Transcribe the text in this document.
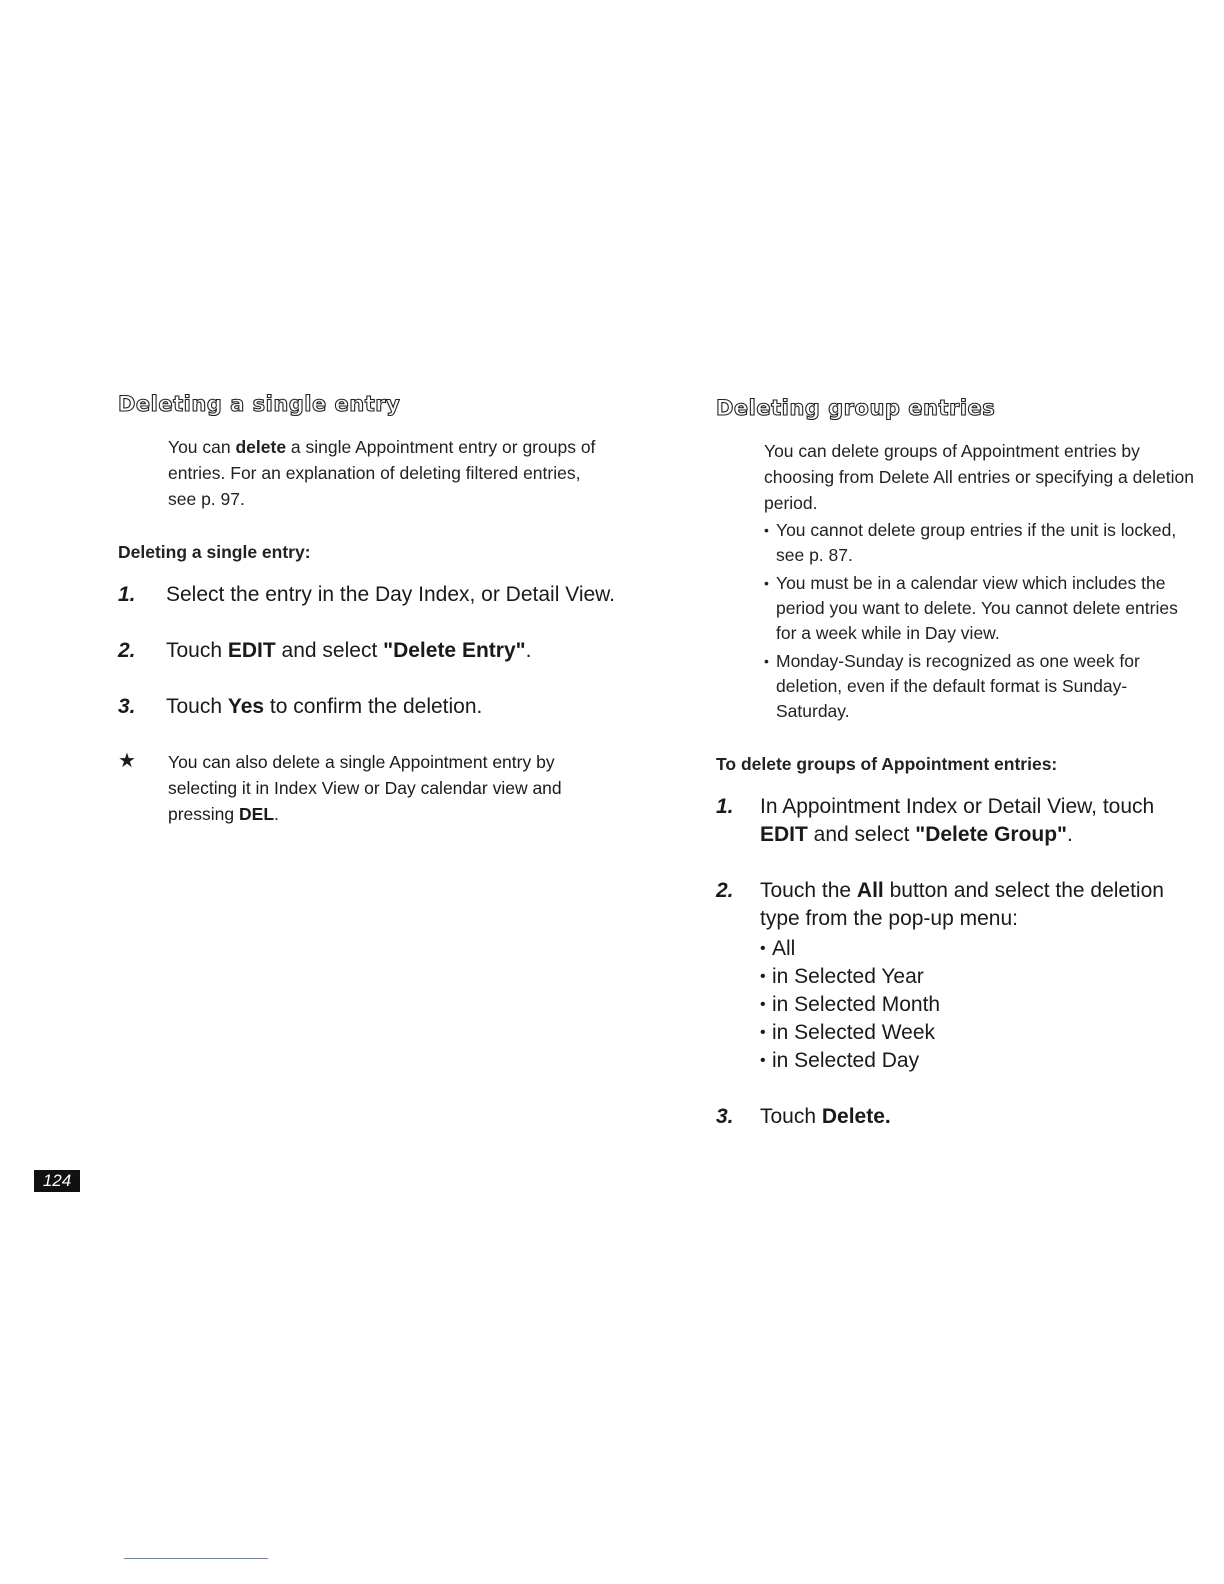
Deleting a single entry

You can delete a single Appointment entry or groups of entries. For an explanation of deleting filtered entries, see p. 97.

Deleting a single entry:

1. Select the entry in the Day Index, or Detail View.
2. Touch EDIT and select "Delete Entry".
3. Touch Yes to confirm the deletion.
★ You can also delete a single Appointment entry by selecting it in Index View or Day calendar view and pressing DEL.
Deleting group entries
You can delete groups of Appointment entries by choosing from Delete All entries or specifying a deletion period.
• You cannot delete group entries if the unit is locked, see p. 87.
• You must be in a calendar view which includes the period you want to delete. You cannot delete entries for a week while in Day view.
• Monday-Sunday is recognized as one week for deletion, even if the default format is Sunday-Saturday.

To delete groups of Appointment entries:

1. In Appointment Index or Detail View, touch EDIT and select "Delete Group".
2. Touch the All button and select the deletion type from the pop-up menu:
• All
• in Selected Year
• in Selected Month
• in Selected Week
• in Selected Day
3. Touch Delete.
124
